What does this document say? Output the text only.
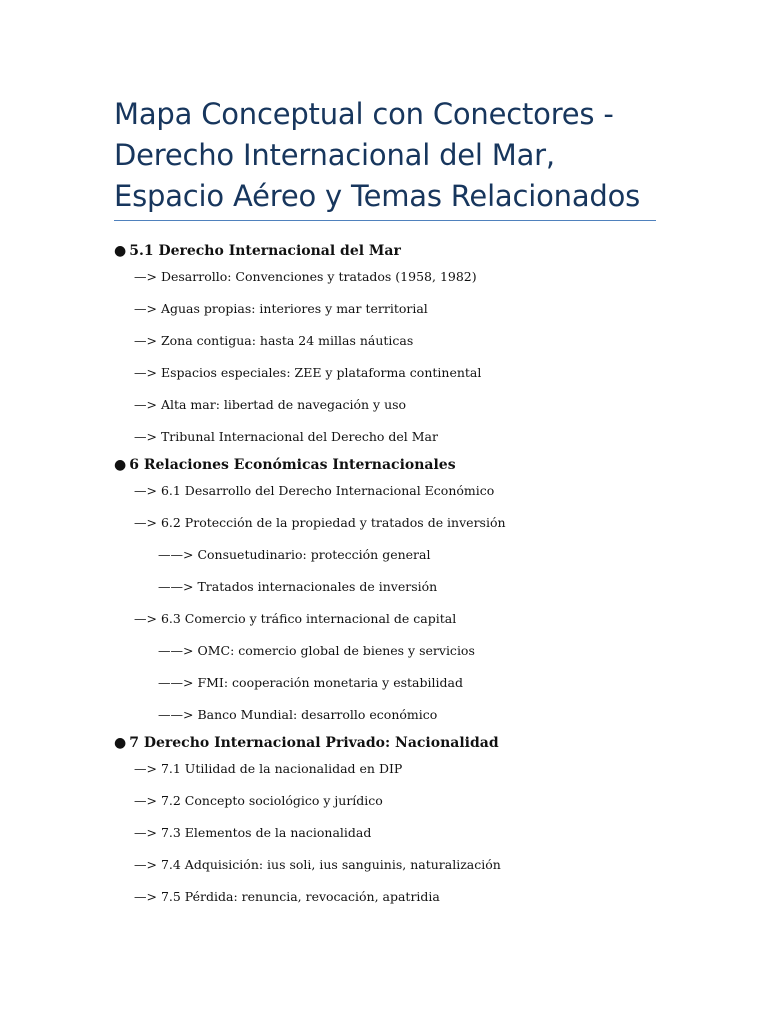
Mapa Conceptual con Conectores - Derecho Internacional del Mar, Espacio Aéreo y Temas Relacionados
● 5.1 Derecho Internacional del Mar
—> Desarrollo: Convenciones y tratados (1958, 1982)
—> Aguas propias: interiores y mar territorial
—> Zona contigua: hasta 24 millas náuticas
—> Espacios especiales: ZEE y plataforma continental
—> Alta mar: libertad de navegación y uso
—> Tribunal Internacional del Derecho del Mar
● 6 Relaciones Económicas Internacionales
—> 6.1 Desarrollo del Derecho Internacional Económico
—> 6.2 Protección de la propiedad y tratados de inversión
——> Consuetudinario: protección general
——> Tratados internacionales de inversión
—> 6.3 Comercio y tráfico internacional de capital
——> OMC: comercio global de bienes y servicios
——> FMI: cooperación monetaria y estabilidad
——> Banco Mundial: desarrollo económico
● 7 Derecho Internacional Privado: Nacionalidad
—> 7.1 Utilidad de la nacionalidad en DIP
—> 7.2 Concepto sociológico y jurídico
—> 7.3 Elementos de la nacionalidad
—> 7.4 Adquisición: ius soli, ius sanguinis, naturalización
—> 7.5 Pérdida: renuncia, revocación, apatridia
